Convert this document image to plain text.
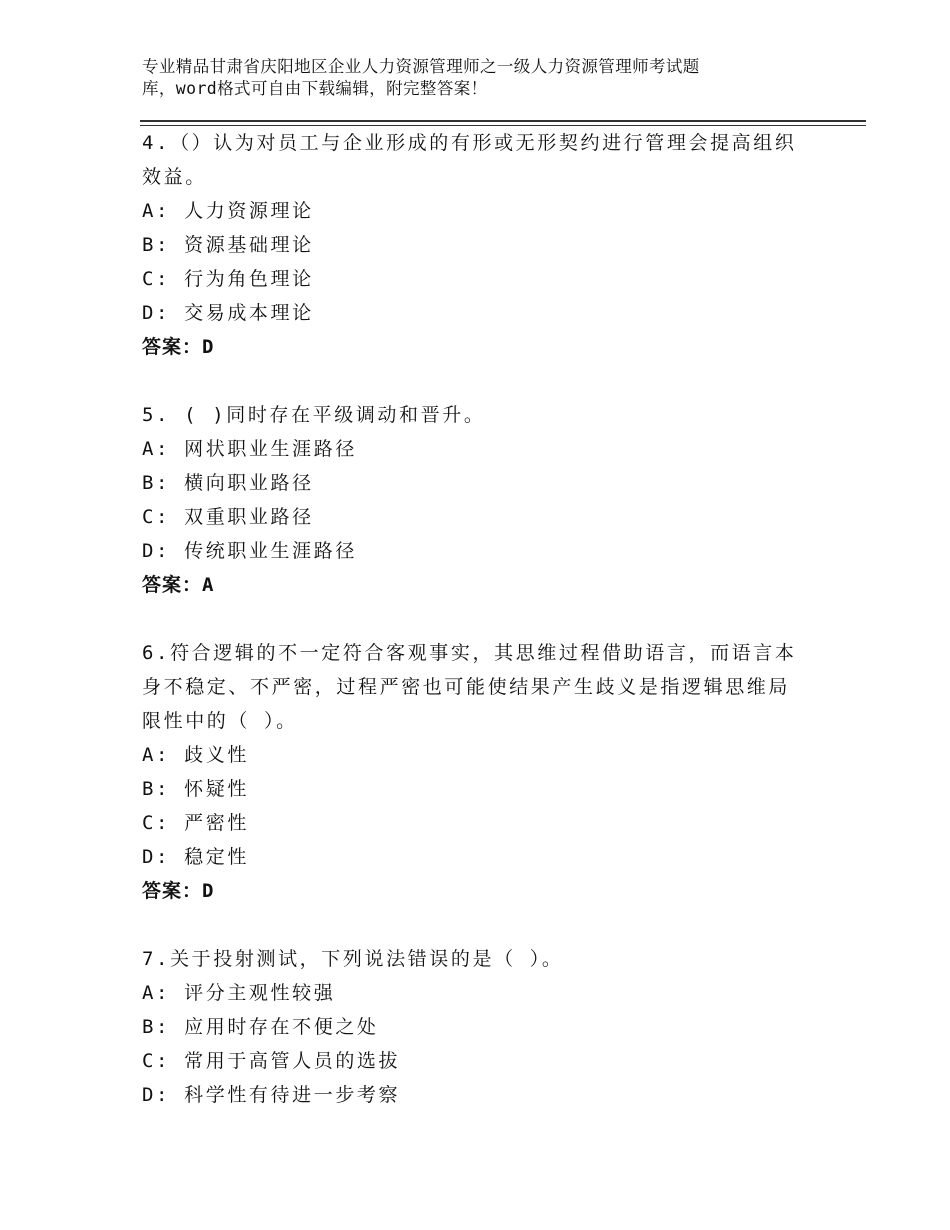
专业精品甘肃省庆阳地区企业人力资源管理师之一级人力资源管理师考试题
库，word格式可自由下载编辑，附完整答案！

4.（）认为对员工与企业形成的有形或无形契约进行管理会提高组织效益。

A: 人力资源理论

B: 资源基础理论

C: 行为角色理论

D: 交易成本理论

答案：D

5. ( )同时存在平级调动和晋升。

A: 网状职业生涯路径

B: 横向职业路径

C: 双重职业路径

D: 传统职业生涯路径

答案：A

6.符合逻辑的不一定符合客观事实，其思维过程借助语言，而语言本身不稳定、不严密，过程严密也可能使结果产生歧义是指逻辑思维局限性中的（ ）。

A: 歧义性

B: 怀疑性

C: 严密性

D: 稳定性

答案：D

7.关于投射测试，下列说法错误的是（ ）。

A: 评分主观性较强

B: 应用时存在不便之处

C: 常用于高管人员的选拔

D: 科学性有待进一步考察
